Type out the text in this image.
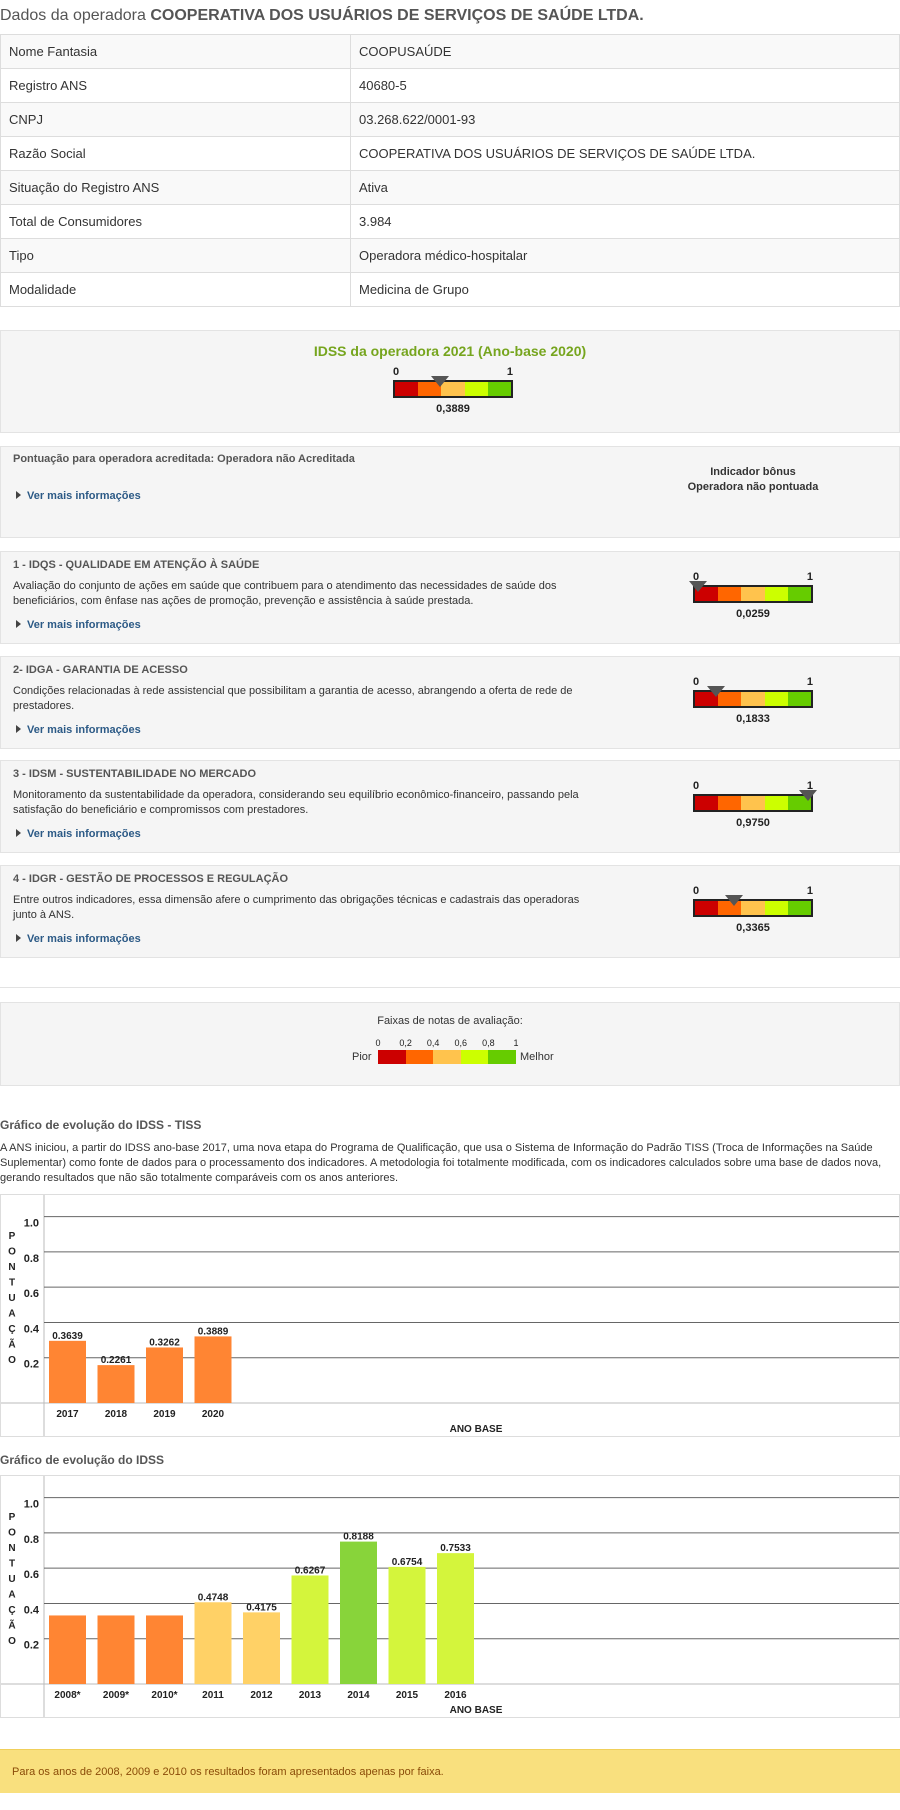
Dados da operadora COOPERATIVA DOS USUÁRIOS DE SERVIÇOS DE SAÚDE LTDA.
Nome Fantasia	COOPUSAÚDE
Registro ANS	40680-5
CNPJ	03.268.622/0001-93
Razão Social	COOPERATIVA DOS USUÁRIOS DE SERVIÇOS DE SAÚDE LTDA.
Situação do Registro ANS	Ativa
Total de Consumidores	3.984
Tipo	Operadora médico-hospitalar
Modalidade	Medicina de Grupo
IDSS da operadora 2021 (Ano-base 2020)
0	1
0,3889
Pontuação para operadora acreditada: Operadora não Acreditada
Ver mais informações
Indicador bônus
Operadora não pontuada
1 - IDQS - QUALIDADE EM ATENÇÃO À SAÚDE
Avaliação do conjunto de ações em saúde que contribuem para o atendimento das necessidades de saúde dos beneficiários, com ênfase nas ações de promoção, prevenção e assistência à saúde prestada.
Ver mais informações
0	1
0,0259
2- IDGA - GARANTIA DE ACESSO
Condições relacionadas à rede assistencial que possibilitam a garantia de acesso, abrangendo a oferta de rede de prestadores.
Ver mais informações
0	1
0,1833
3 - IDSM - SUSTENTABILIDADE NO MERCADO
Monitoramento da sustentabilidade da operadora, considerando seu equilíbrio econômico-financeiro, passando pela satisfação do beneficiário e compromissos com prestadores.
Ver mais informações
0	1
0,9750
4 - IDGR - GESTÃO DE PROCESSOS E REGULAÇÃO
Entre outros indicadores, essa dimensão afere o cumprimento das obrigações técnicas e cadastrais das operadoras junto à ANS.
Ver mais informações
0	1
0,3365
Faixas de notas de avaliação:
0 0,2 0,4 0,6 0,8 1
Pior	Melhor
Gráfico de evolução do IDSS - TISS
A ANS iniciou, a partir do IDSS ano-base 2017, uma nova etapa do Programa de Qualificação, que usa o Sistema de Informação do Padrão TISS (Troca de Informações na Saúde Suplementar) como fonte de dados para o processamento dos indicadores. A metodologia foi totalmente modificada, com os indicadores calculados sobre uma base de dados nova, gerando resultados que não são totalmente comparáveis com os anos anteriores.
0.2
0.4
0.6
0.8
1.0
P
O
N
T
U
A
Ç
Ã
O
0.3639
2017
0.2261
2018
0.3262
2019
0.3889
2020
ANO BASE
Gráfico de evolução do IDSS
0.2
0.4
0.6
0.8
1.0
P
O
N
T
U
A
Ç
Ã
O
2008* 2009* 2010*
0.4748
2011
0.4175
2012
0.6267
2013
0.8188
2014
0.6754
2015
0.7533
2016
ANO BASE
Para os anos de 2008, 2009 e 2010 os resultados foram apresentados apenas por faixa.
